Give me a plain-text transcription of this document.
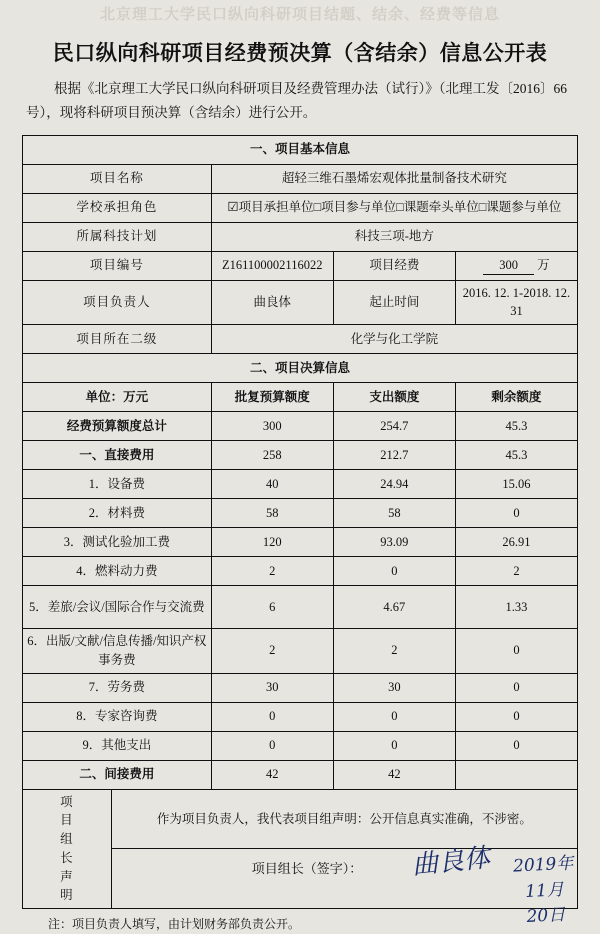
北京理工大学民口纵向科研项目结题、结余、经费等信息
民口纵向科研项目经费预决算（含结余）信息公开表
根据《北京理工大学民口纵向科研项目及经费管理办法（试行）》（北理工发〔2016〕66号），现将科研项目预决算（含结余）进行公开。
一、项目基本信息				
项目名称		超轻三维石墨烯宏观体批量制备技术研究		
学校承担角色		☑项目承担单位□项目参与单位□课题牵头单位□课题参与单位		
所属科技计划		科技三项-地方		
项目编号		Z161100002116022	项目经费	300 万
项目负责人		曲良体	起止时间	2016. 12. 1-2018. 12. 31
项目所在二级		化学与化工学院		
二、项目决算信息				
单位：万元		批复预算额度	支出额度	剩余额度
经费预算额度总计		300	254.7	45.3
一、直接费用		258	212.7	45.3
1．设备费		40	24.94	15.06
2．材料费		58	58	0
3．测试化验加工费		120	93.09	26.91
4．燃料动力费		2	0	2
5．差旅/会议/国际合作与交流费		6	4.67	1.33
6．出版/文献/信息传播/知识产权事务费		2	2	0
7．劳务费		30	30	0
8．专家咨询费		0	0	0
9．其他支出		0	0	0
二、间接费用		42	42	
项
目
组
长
声
明	作为项目负责人，我代表项目组声明：公开信息真实准确，不涉密。

	项目组长（签字）： 曲良体 2019年 11月 20日			
注：项目负责人填写，由计划财务部负责公开。
